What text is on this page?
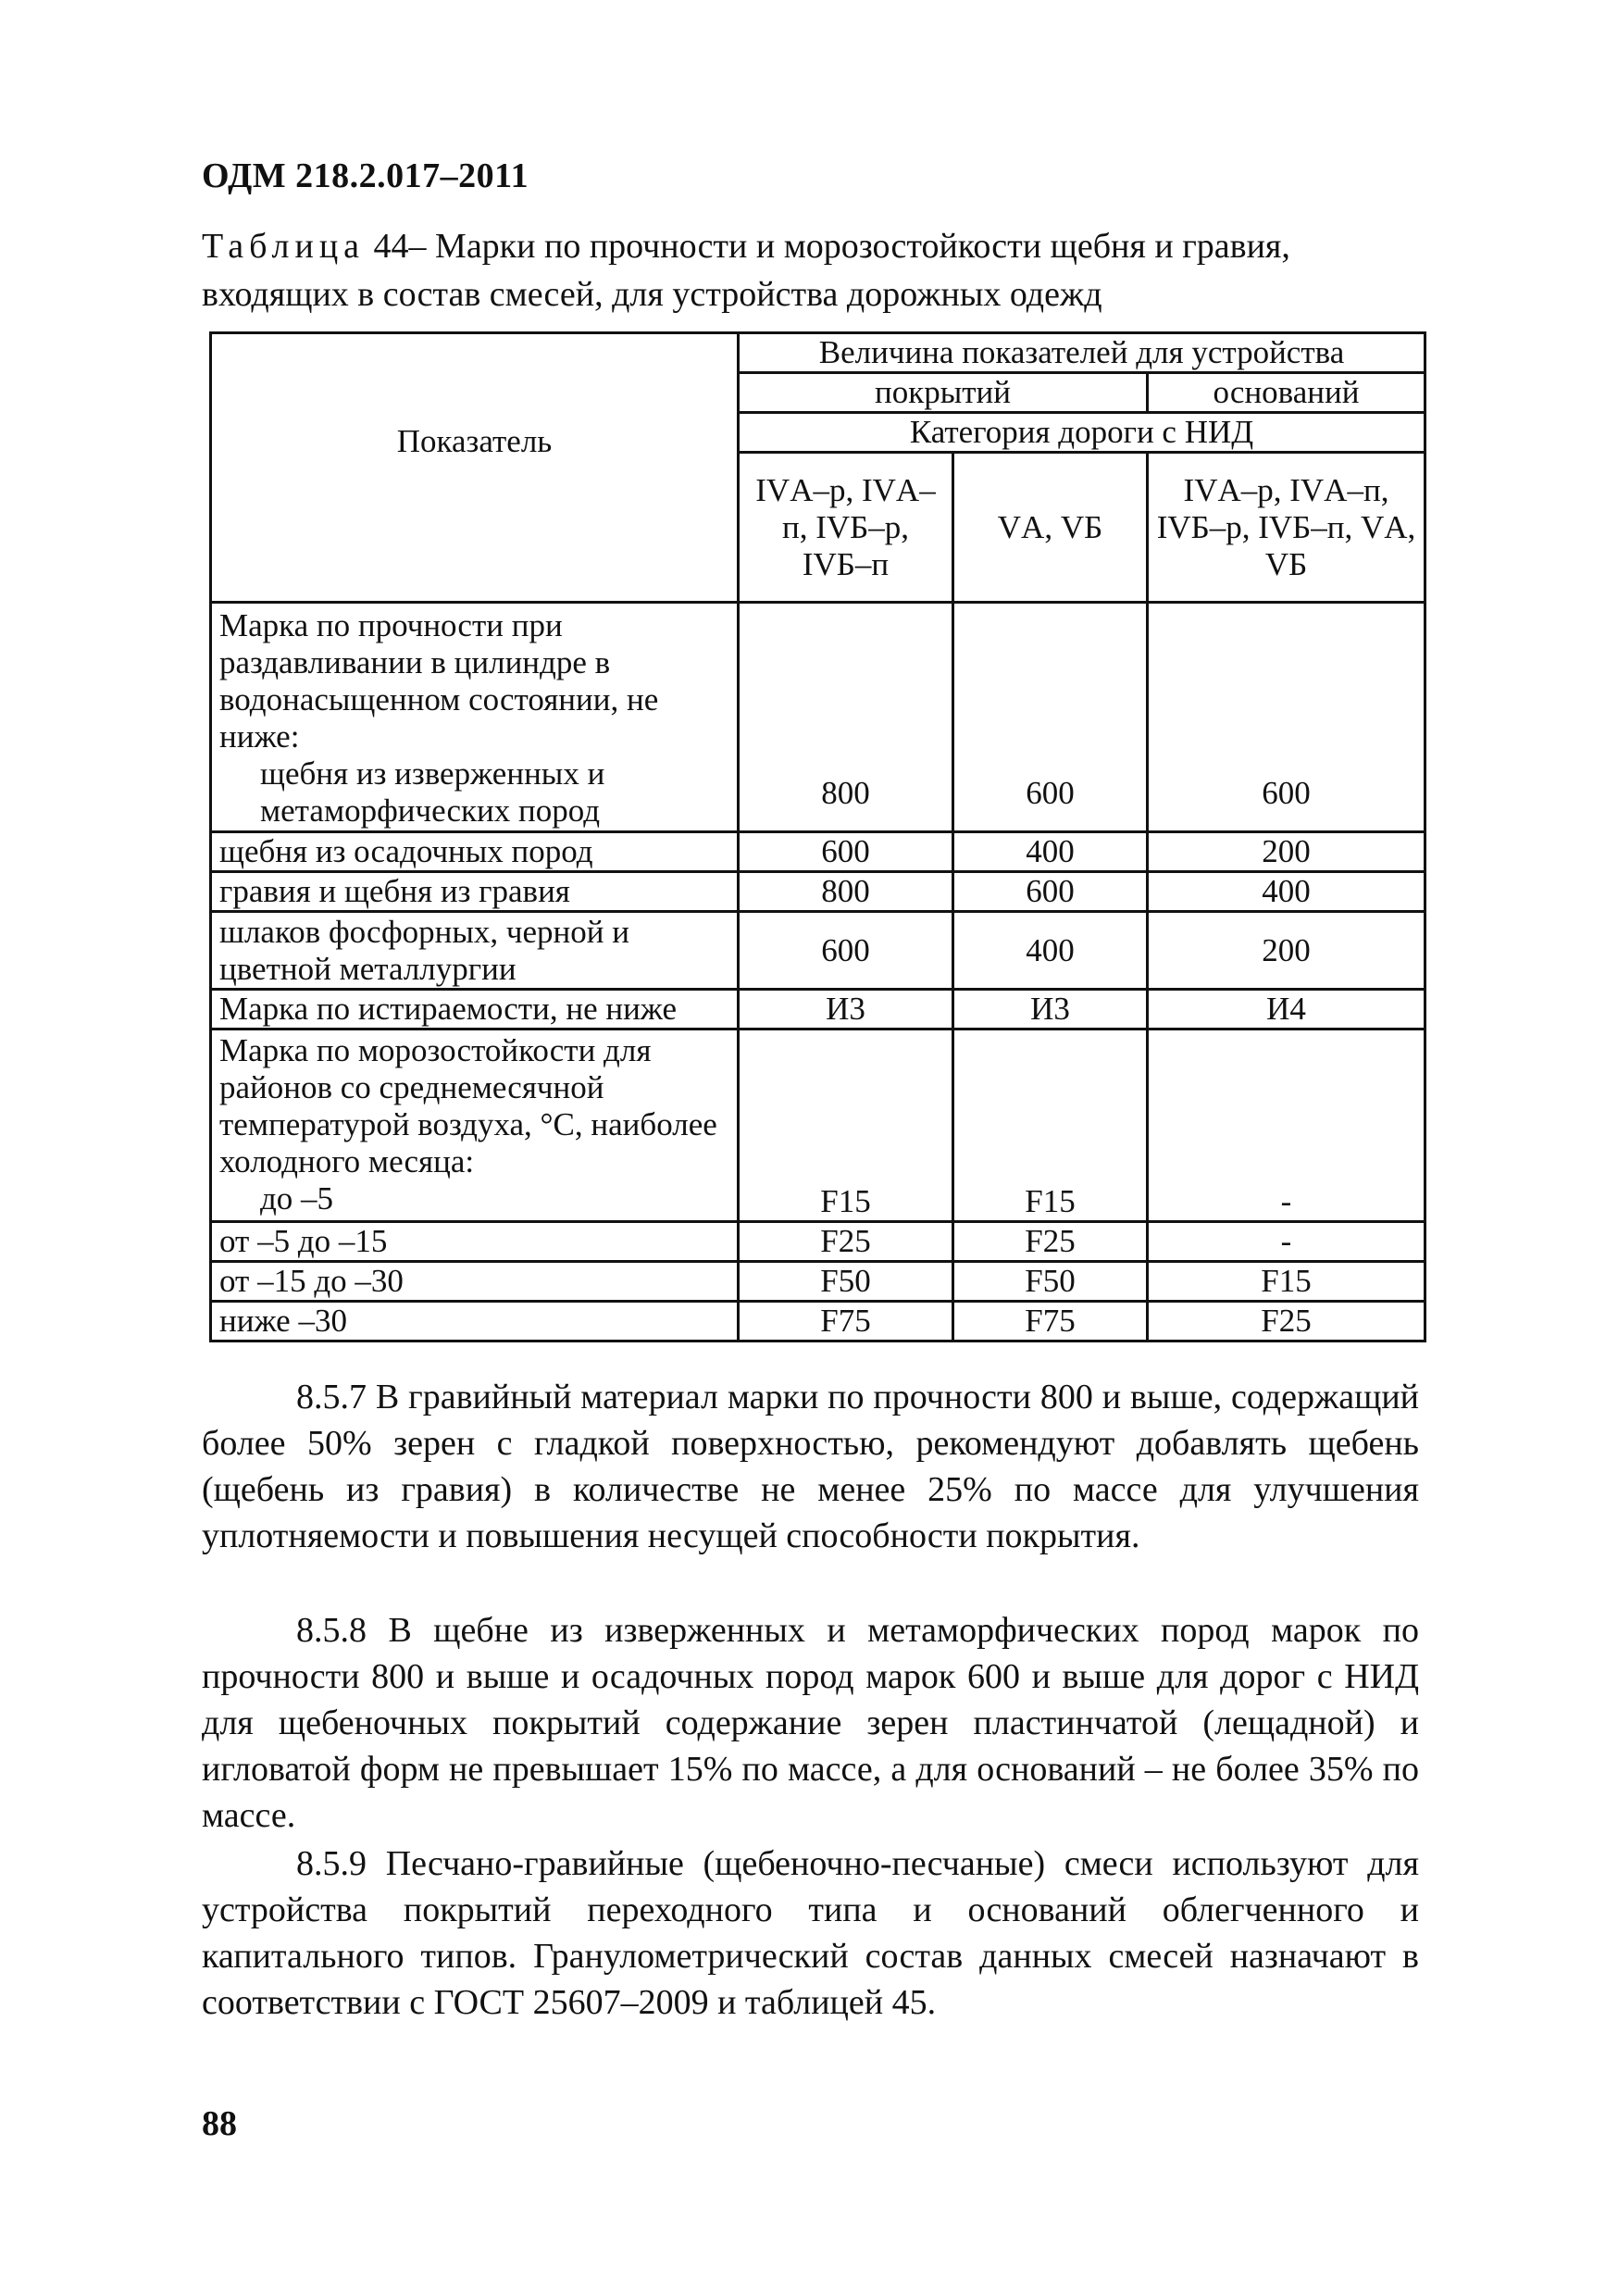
ОДМ 218.2.017–2011
Таблица 44– Марки по прочности и морозостойкости щебня и гравия, входящих в состав смесей, для устройства дорожных одежд
Показатель	Величина показателей для устройства		
	покрытий		оснований
	Категория дороги с НИД		
	IVА–р, IVА–п, IVБ–р, IVБ–п	VА, VБ	IVА–р, IVА–п, IVБ–р, IVБ–п, VА, VБ

Марка по прочности при раздавливании в цилиндре в водонасыщенном состоянии, не ниже:
щебня из изверженных и метаморфических пород	800	600	600
щебня из осадочных пород	600	400	200
гравия и щебня из гравия	800	600	400
шлаков фосфорных, черной и цветной металлургии	600	400	200
Марка по истираемости, не ниже	И3	И3	И4

Марка по морозостойкости для районов со среднемесячной температурой воздуха, °С, наиболее холодного месяца:
до –5	F15	F15	-
от –5 до –15	F25	F25	-
от –15 до –30	F50	F50	F15
ниже –30	F75	F75	F25

8.5.7 В гравийный материал марки по прочности 800 и выше, содержащий более 50% зерен с гладкой поверхностью, рекомендуют добавлять щебень (щебень из гравия) в количестве не менее 25% по массе для улучшения уплотняемости и повышения несущей способности покрытия.

8.5.8 В щебне из изверженных и метаморфических пород марок по прочности 800 и выше и осадочных пород марок 600 и выше для дорог с НИД для щебеночных покрытий содержание зерен пластинчатой (лещадной) и игловатой форм не превышает 15% по массе, а для оснований – не более 35% по массе.

8.5.9 Песчано-гравийные (щебеночно-песчаные) смеси используют для устройства покрытий переходного типа и оснований облегченного и капитального типов. Гранулометрический состав данных смесей назначают в соответствии с ГОСТ 25607–2009 и таблицей 45.

88
